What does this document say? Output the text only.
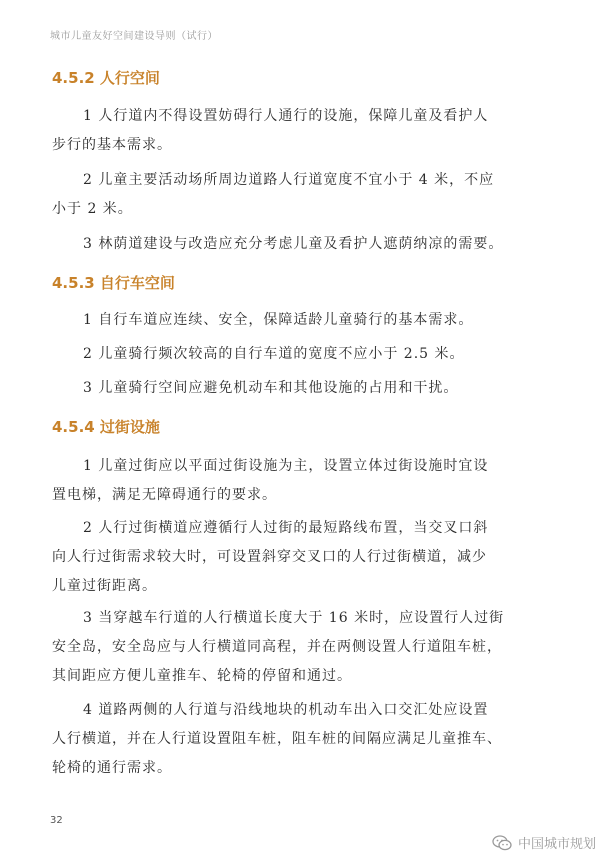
城市儿童友好空间建设导则（试行）
4.5.2 人行空间

1 人行道内不得设置妨碍行人通行的设施，保障儿童及看护人
步行的基本需求。

2 儿童主要活动场所周边道路人行道宽度不宜小于 4 米，不应
小于 2 米。

3 林荫道建设与改造应充分考虑儿童及看护人遮荫纳凉的需要。

4.5.3 自行车空间

1 自行车道应连续、安全，保障适龄儿童骑行的基本需求。

2 儿童骑行频次较高的自行车道的宽度不应小于 2.5 米。

3 儿童骑行空间应避免机动车和其他设施的占用和干扰。

4.5.4 过街设施

1 儿童过街应以平面过街设施为主，设置立体过街设施时宜设
置电梯，满足无障碍通行的要求。

2 人行过街横道应遵循行人过街的最短路线布置，当交叉口斜
向人行过街需求较大时，可设置斜穿交叉口的人行过街横道，减少
儿童过街距离。

3 当穿越车行道的人行横道长度大于 16 米时，应设置行人过街
安全岛，安全岛应与人行横道同高程，并在两侧设置人行道阻车桩，
其间距应方便儿童推车、轮椅的停留和通过。

4 道路两侧的人行道与沿线地块的机动车出入口交汇处应设置
人行横道，并在人行道设置阻车桩，阻车桩的间隔应满足儿童推车、
轮椅的通行需求。

32
中国城市规划
